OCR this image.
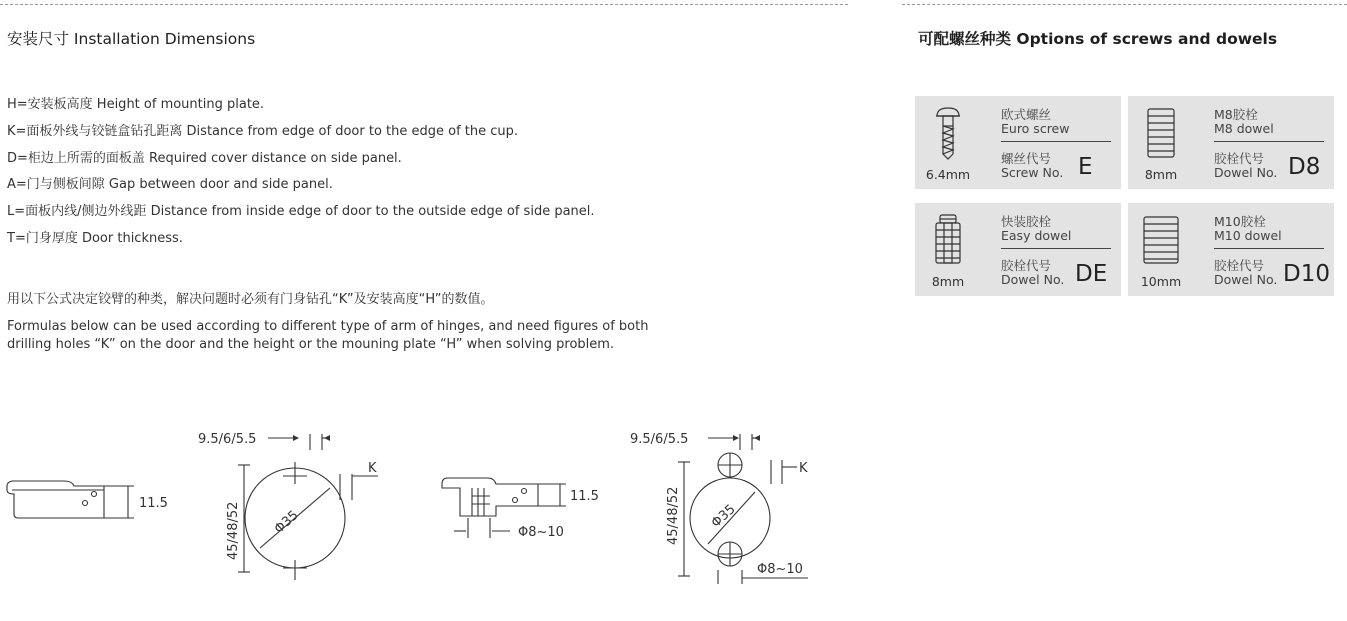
安装尺寸 Installation Dimensions
H=安装板高度 Height of mounting plate.
K=面板外线与铰链盒钻孔距离 Distance from edge of door to the edge of the cup.
D=柜边上所需的面板盖 Required cover distance on side panel.
A=门与侧板间隙 Gap between door and side panel.
L=面板内线/侧边外线距 Distance from inside edge of door to the outside edge of side panel.
T=门身厚度 Door thickness.
用以下公式决定铰臂的种类，解决问题时必须有门身钻孔“K”及安装高度“H”的数值。
Formulas below can be used according to different type of arm of hinges, and need figures of both
drilling holes “K” on the door and the height or the mouning plate “H” when solving problem.
可配螺丝种类 Options of screws and dowels
6.4mm
欧式螺丝
Euro screw
螺丝代号
Screw No. E	8mm
M8胶栓
M8 dowel
胶栓代号
Dowel No. D8
8mm
快装胶栓
Easy dowel
胶栓代号
Dowel No. DE	10mm
M10胶栓
M10 dowel
胶栓代号
Dowel No. D10
11.5
9.5/6/5.5
K
45/48/52 Φ35
11.5
Φ8~10
9.5/6/5.5
K
45/48/52 Φ35
Φ8~10
